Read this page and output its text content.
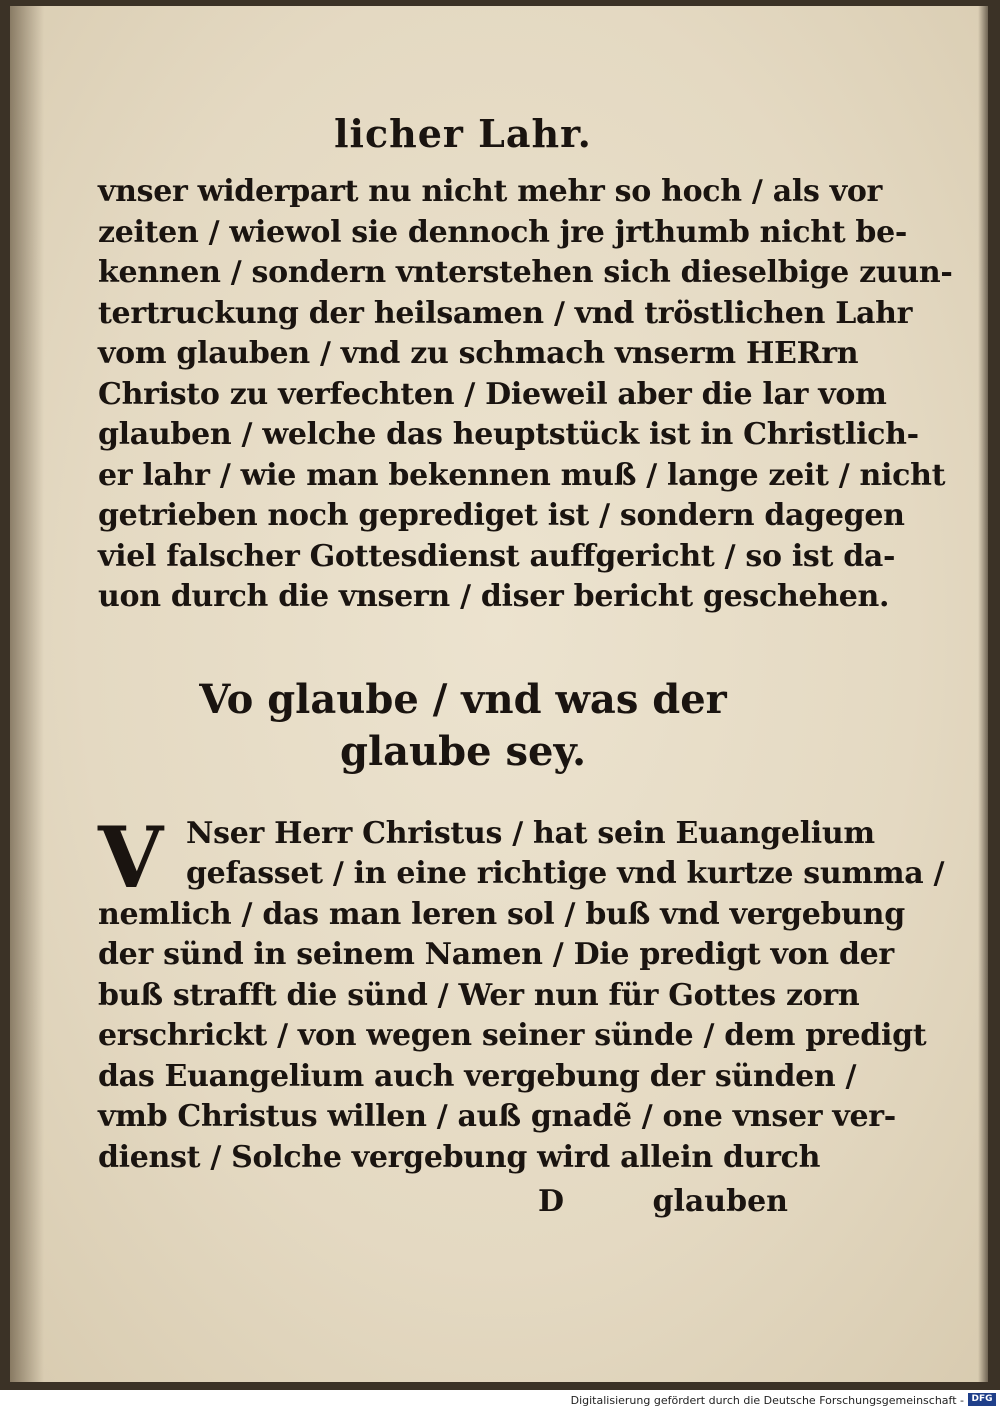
licher Lahr.
vnser widerpart nu nicht mehr so hoch / als vor
zeiten / wiewol sie dennoch jre jrthumb nicht be-
kennen / sondern vnterstehen sich dieselbige zuun-
tertruckung der heilsamen / vnd tröstlichen Lahr
vom glauben / vnd zu schmach vnserm HERrn
Christo zu verfechten / Dieweil aber die lar vom
glauben / welche das heuptstück ist in Christlich-
er lahr / wie man bekennen muß / lange zeit / nicht
getrieben noch geprediget ist / sondern dagegen
viel falscher Gottesdienst auffgericht / so ist da-
uon durch die vnsern / diser bericht geschehen.
Vo glaube / vnd was der
glaube sey.
V Nser Herr Christus / hat sein Euangelium
gefasset / in eine richtige vnd kurtze summa /
nemlich / das man leren sol / buß vnd vergebung
der sünd in seinem Namen / Die predigt von der
buß strafft die sünd / Wer nun für Gottes zorn
erschrickt / von wegen seiner sünde / dem predigt
das Euangelium auch vergebung der sünden /
vmb Christus willen / auß gnadẽ / one vnser ver-
dienst / Solche vergebung wird allein durch
D	glauben
Digitalisierung gefördert durch die Deutsche Forschungsgemeinschaft - DFG
